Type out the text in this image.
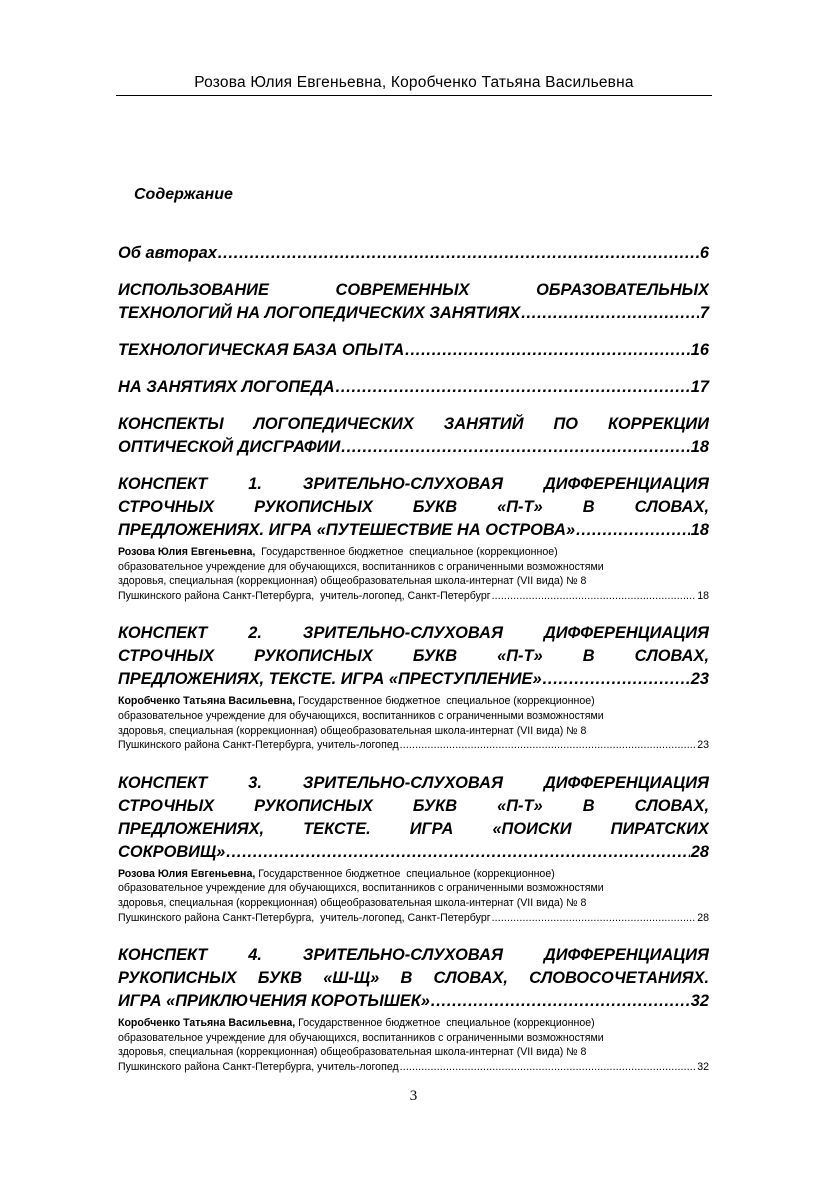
Розова Юлия Евгеньевна, Коробченко Татьяна Васильевна
Содержание
Об авторах . . .	6
ИСПОЛЬЗОВАНИЕ СОВРЕМЕННЫХ ОБРАЗОВАТЕЛЬНЫХ
ТЕХНОЛОГИЙ НА ЛОГОПЕДИЧЕСКИХ ЗАНЯТИЯХ . . .	7
ТЕХНОЛОГИЧЕСКАЯ БАЗА ОПЫТА . . .	16
НА ЗАНЯТИЯХ ЛОГОПЕДА . . .	17
КОНСПЕКТЫ ЛОГОПЕДИЧЕСКИХ ЗАНЯТИЙ ПО КОРРЕКЦИИ
ОПТИЧЕСКОЙ ДИСГРАФИИ . . .	18
КОНСПЕКТ 1. ЗРИТЕЛЬНО-СЛУХОВАЯ ДИФФЕРЕНЦИАЦИЯ
СТРОЧНЫХ РУКОПИСНЫХ БУКВ «П-Т» В СЛОВАХ,
ПРЕДЛОЖЕНИЯХ. ИГРА «ПУТЕШЕСТВИЕ НА ОСТРОВА» . . .	18
Розова Юлия Евгеньевна,  Государственное бюджетное  специальное (коррекционное)
образовательное учреждение для обучающихся, воспитанников с ограниченными возможностями
здоровья, специальная (коррекционная) общеобразовательная школа-интернат (VII вида) № 8
Пушкинского района Санкт-Петербурга,  учитель-логопед, Санкт-Петербург . . .	18
КОНСПЕКТ 2. ЗРИТЕЛЬНО-СЛУХОВАЯ ДИФФЕРЕНЦИАЦИЯ
СТРОЧНЫХ РУКОПИСНЫХ БУКВ «П-Т» В СЛОВАХ,
ПРЕДЛОЖЕНИЯХ, ТЕКСТЕ. ИГРА «ПРЕСТУПЛЕНИЕ» . . .	23
Коробченко Татьяна Васильевна, Государственное бюджетное  специальное (коррекционное)
образовательное учреждение для обучающихся, воспитанников с ограниченными возможностями
здоровья, специальная (коррекционная) общеобразовательная школа-интернат (VII вида) № 8
Пушкинского района Санкт-Петербурга, учитель-логопед . . .	23
КОНСПЕКТ 3. ЗРИТЕЛЬНО-СЛУХОВАЯ ДИФФЕРЕНЦИАЦИЯ
СТРОЧНЫХ РУКОПИСНЫХ БУКВ «П-Т» В СЛОВАХ,
ПРЕДЛОЖЕНИЯХ, ТЕКСТЕ. ИГРА «ПОИСКИ ПИРАТСКИХ
СОКРОВИЩ» . . .	28
Розова Юлия Евгеньевна, Государственное бюджетное  специальное (коррекционное)
образовательное учреждение для обучающихся, воспитанников с ограниченными возможностями
здоровья, специальная (коррекционная) общеобразовательная школа-интернат (VII вида) № 8
Пушкинского района Санкт-Петербурга,  учитель-логопед, Санкт-Петербург . . .	28
КОНСПЕКТ 4. ЗРИТЕЛЬНО-СЛУХОВАЯ ДИФФЕРЕНЦИАЦИЯ
РУКОПИСНЫХ БУКВ «Ш-Щ» В СЛОВАХ, СЛОВОСОЧЕТАНИЯХ.
ИГРА «ПРИКЛЮЧЕНИЯ КОРОТЫШЕК» . . .	32
Коробченко Татьяна Васильевна, Государственное бюджетное  специальное (коррекционное)
образовательное учреждение для обучающихся, воспитанников с ограниченными возможностями
здоровья, специальная (коррекционная) общеобразовательная школа-интернат (VII вида) № 8
Пушкинского района Санкт-Петербурга, учитель-логопед . . .	32
3
